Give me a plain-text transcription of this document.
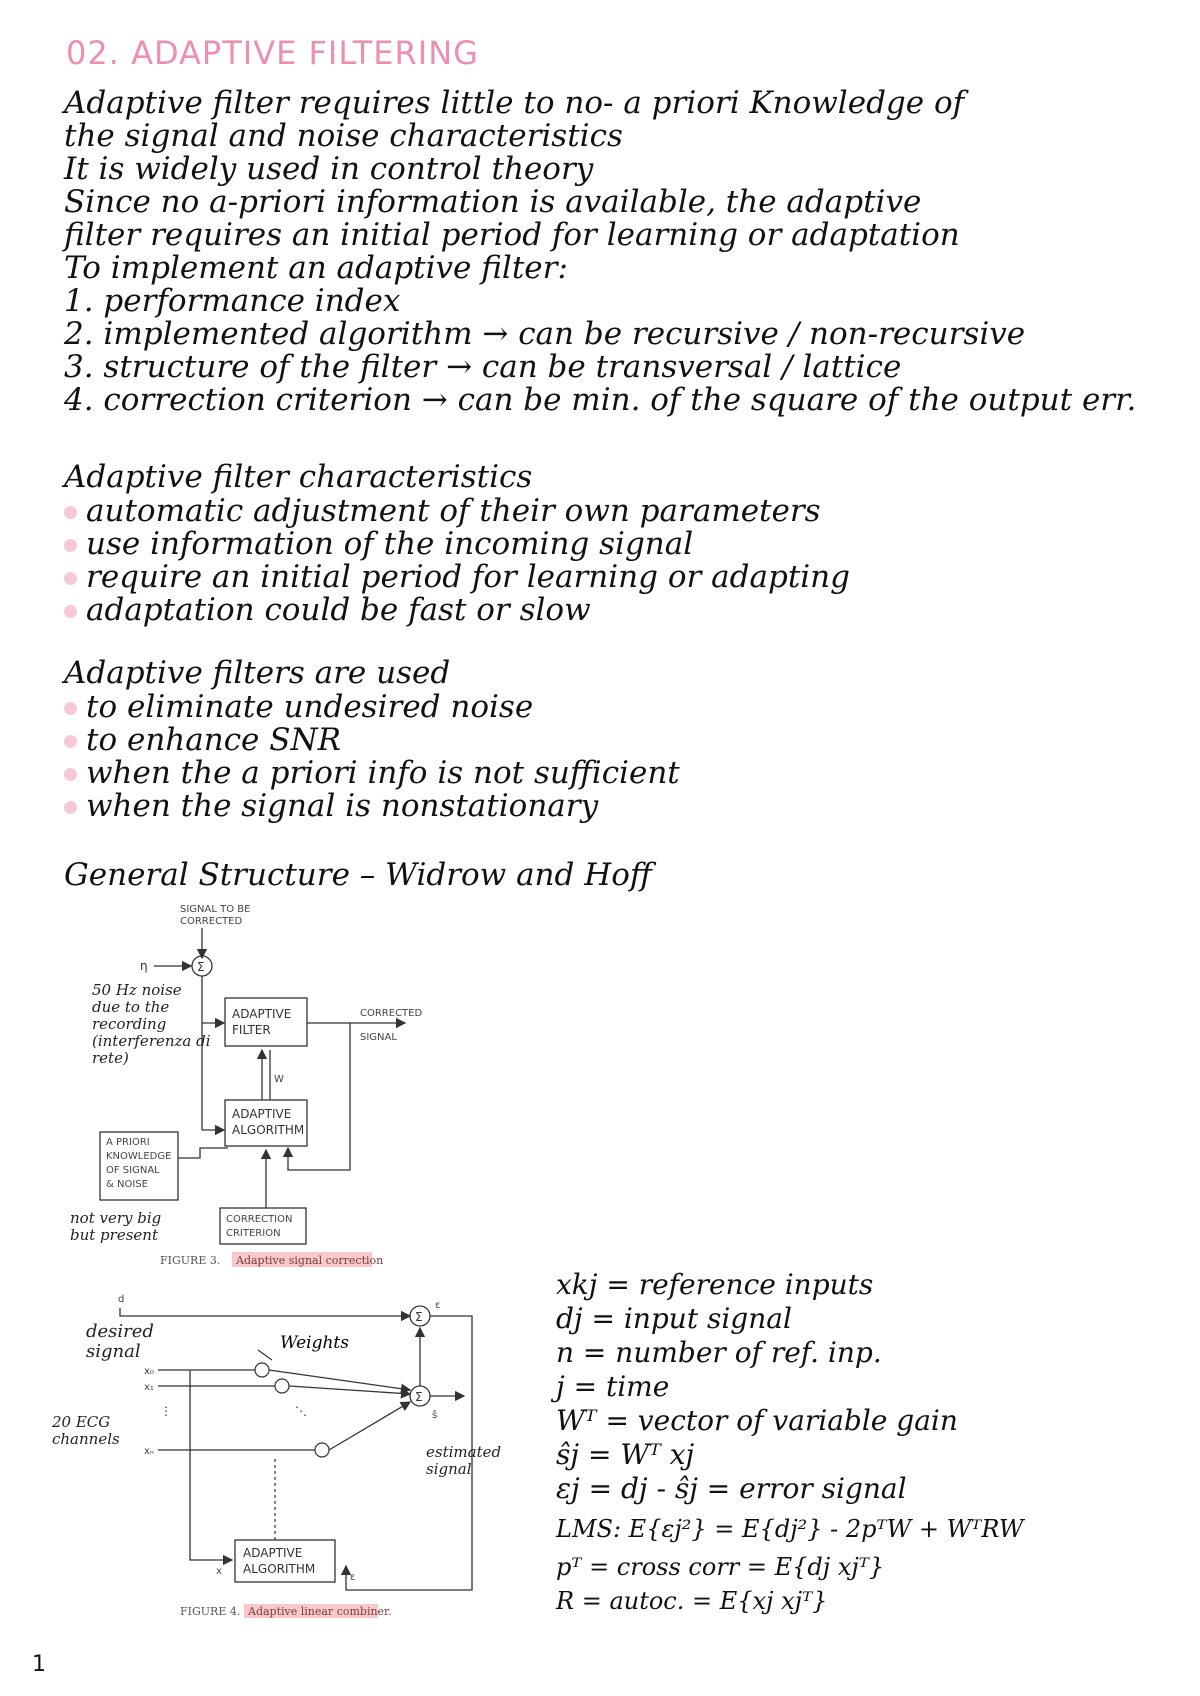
02. ADAPTIVE FILTERING
Adaptive filter requires little to no- a priori Knowledge of
the signal and noise characteristics
It is widely used in control theory
Since no a-priori information is available, the adaptive
filter requires an initial period for learning or adaptation
To implement an adaptive filter:
1. performance index
2. implemented algorithm → can be recursive / non-recursive
3. structure of the filter → can be transversal / lattice
4. correction criterion → can be min. of the square of the output err.
Adaptive filter characteristics
automatic adjustment of their own parameters
use information of the incoming signal
require an initial period for learning or adapting
adaptation could be fast or slow
Adaptive filters are used
to eliminate undesired noise
to enhance SNR
when the a priori info is not sufficient
when the signal is nonstationary
General Structure – Widrow and Hoff
SIGNAL TO BE
CORRECTED
η	Σ
ADAPTIVE
FILTER
CORRECTED
SIGNAL
W
ADAPTIVE
ALGORITHM
A PRIORI
KNOWLEDGE
OF SIGNAL
& NOISE
CORRECTION
CRITERION
FIGURE 3. Adaptive signal correction
50 Hz noise
due to the
recording
(interferenza di
rete)
not very big
but present
d
Σ
ε
ε
x₀
x₁
xₙ
⋮	⋱
Σ
ŝ
Weights
ADAPTIVE
ALGORITHM
x
FIGURE 4. Adaptive linear combiner.
desired
signal
20 ECG
channels
estimated
signal
xkj = reference inputs
dj = input signal
n = number of ref. inp.
j = time
Wᵀ = vector of variable gain
ŝj = Wᵀ xj
εj = dj - ŝj = error signal
LMS: E{εj²} = E{dj²} - 2pᵀW + WᵀRW
pᵀ = cross corr = E{dj xjᵀ}
R = autoc. = E{xj xjᵀ}
1
